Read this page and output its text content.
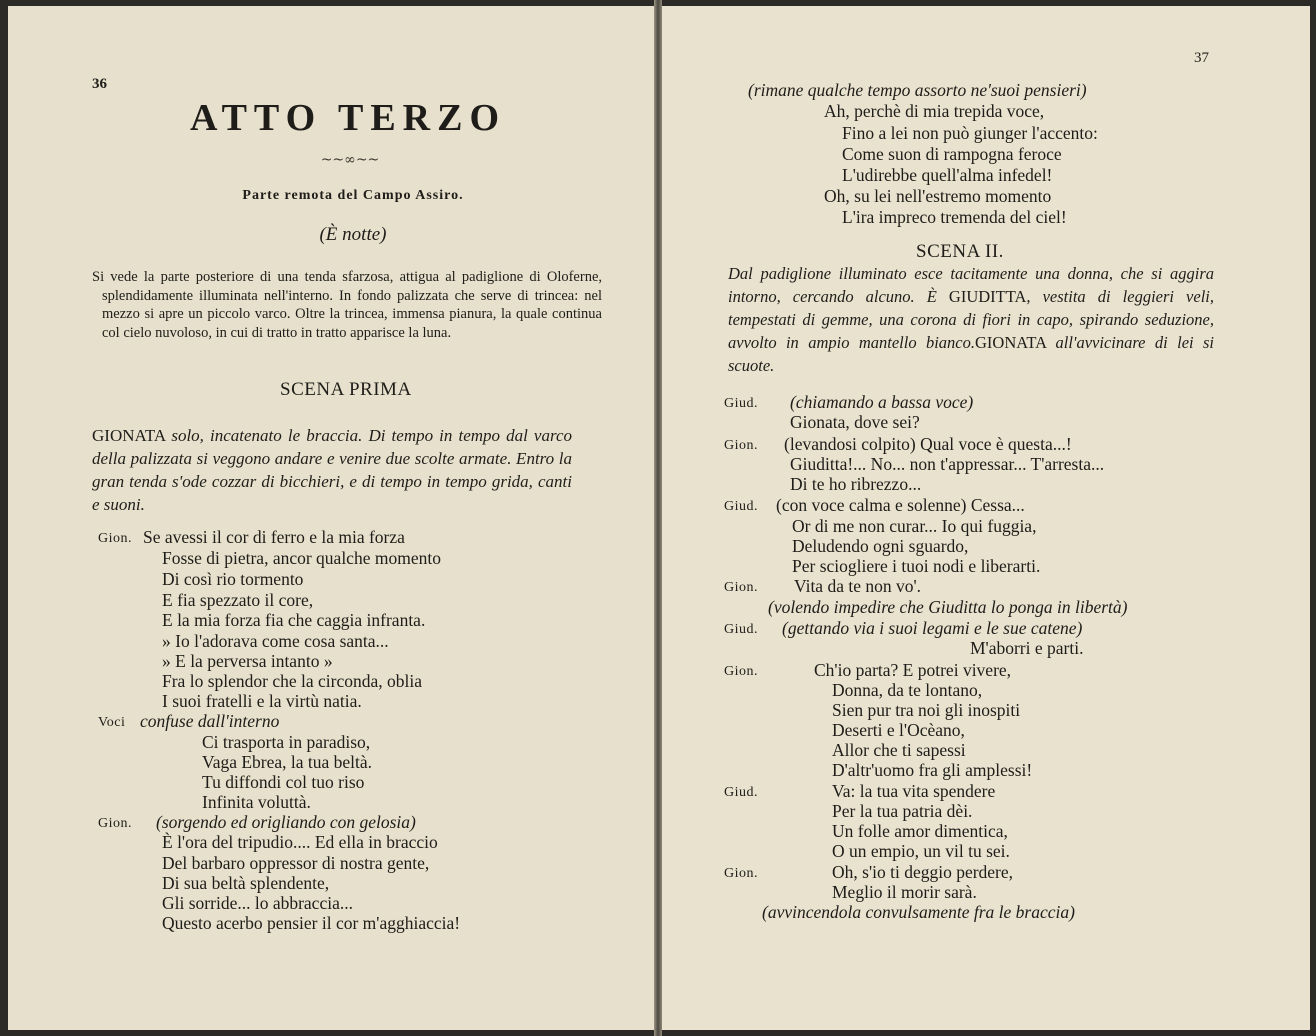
36
ATTO TERZO
~~∞~~
Parte remota del Campo Assiro.
(È notte)
Si vede la parte posteriore di una tenda sfarzosa, attigua al padiglione di Oloferne, splendidamente illuminata nell'interno. In fondo palizzata che serve di trincea: nel mezzo si apre un piccolo varco. Oltre la trincea, immensa pianura, la quale continua col cielo nuvoloso, in cui di tratto in tratto apparisce la luna.
SCENA PRIMA
GIONATA solo, incatenato le braccia. Di tempo in tempo dal varco della palizzata si veggono andare e venire due scolte armate. Entro la gran tenda s'ode cozzar di bicchieri, e di tempo in tempo grida, canti e suoni.
Gion. Se avessi il cor di ferro e la mia forza
Fosse di pietra, ancor qualche momento
Di così rio tormento
E fia spezzato il core,
E la mia forza fia che caggia infranta.
» Io l'adorava come cosa santa...
» E la perversa intanto »
Fra lo splendor che la circonda, oblia
I suoi fratelli e la virtù natia.
Voci confuse dall'interno
Ci trasporta in paradiso,
Vaga Ebrea, la tua beltà.
Tu diffondi col tuo riso
Infinita voluttà.
Gion. (sorgendo ed origliando con gelosia)
È l'ora del tripudio.... Ed ella in braccio
Del barbaro oppressor di nostra gente,
Di sua beltà splendente,
Gli sorride... lo abbraccia...
Questo acerbo pensier il cor m'agghiaccia!
37
(rimane qualche tempo assorto ne'suoi pensieri)
Ah, perchè di mia trepida voce,
Fino a lei non può giunger l'accento:
Come suon di rampogna feroce
L'udirebbe quell'alma infedel!
Oh, su lei nell'estremo momento
L'ira impreco tremenda del ciel!
SCENA II.
Dal padiglione illuminato esce tacitamente una donna, che si aggira intorno, cercando alcuno. È GIUDITTA, vestita di leggieri veli, tempestati di gemme, una corona di fiori in capo, spirando seduzione, avvolto in ampio mantello bianco.GIONATA all'avvicinare di lei si scuote.
Giud. (chiamando a bassa voce)
Gionata, dove sei?
Gion. (levandosi colpito) Qual voce è questa...!
Giuditta!... No... non t'appressar... T'arresta...
Di te ho ribrezzo...
Giud. (con voce calma e solenne) Cessa...
Or di me non curar... Io qui fuggia,
Deludendo ogni sguardo,
Per sciogliere i tuoi nodi e liberarti.
Gion. Vita da te non vo'.
(volendo impedire che Giuditta lo ponga in libertà)
Giud. (gettando via i suoi legami e le sue catene)
M'aborri e parti.
Gion.	Ch'io parta? E potrei vivere,
Donna, da te lontano,
Sien pur tra noi gli inospiti
Deserti e l'Ocèano,
Allor che ti sapessi
D'altr'uomo fra gli amplessi!
Giud.	Va: la tua vita spendere
Per la tua patria dèi.
Un folle amor dimentica,
O un empio, un vil tu sei.
Gion.	Oh, s'io ti deggio perdere,
Meglio il morir sarà.
(avvincendola convulsamente fra le braccia)
